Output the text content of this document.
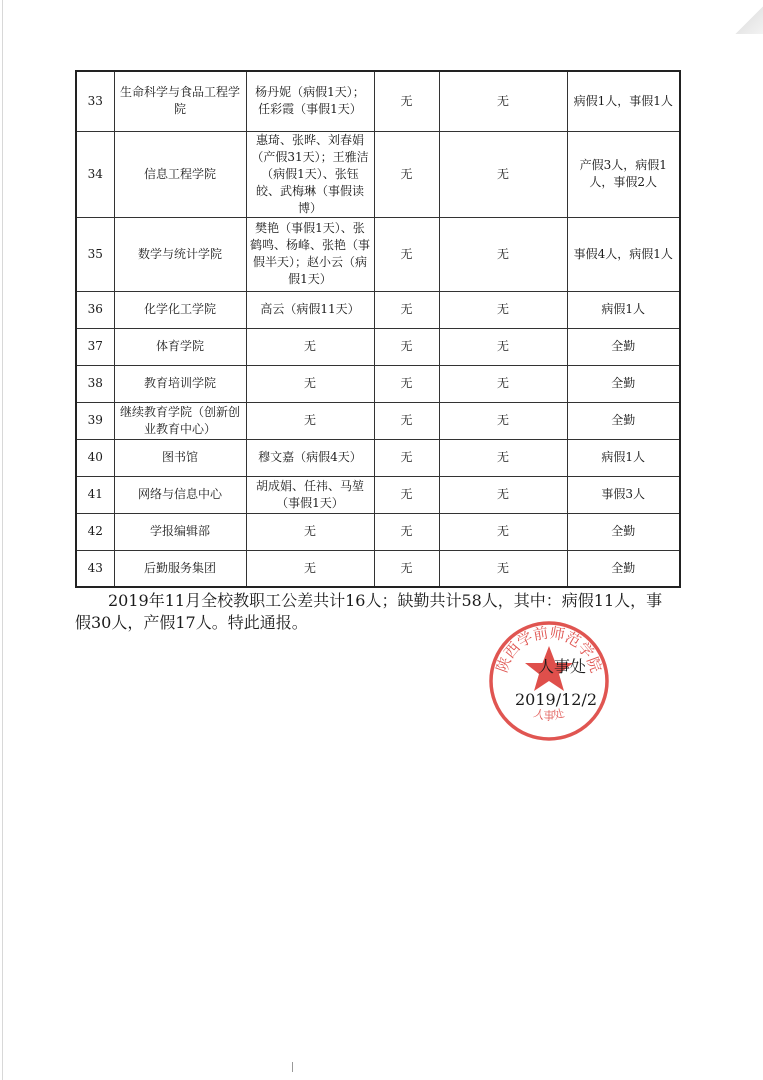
33	生命科学与食品工程学院	杨丹妮（病假1天）；任彩霞（事假1天）	无	无	病假1人，事假1人
34	信息工程学院	惠琦、张晔、刘春娟（产假31天）；王雅洁（病假1天）、张钰皎、武梅琳（事假读博）	无	无	产假3人，病假1人，事假2人
35	数学与统计学院	樊艳（事假1天）、张鹤鸣、杨峰、张艳（事假半天）；赵小云（病假1天）	无	无	事假4人，病假1人
36	化学化工学院	高云（病假11天）	无	无	病假1人
37	体育学院	无	无	无	全勤
38	教育培训学院	无	无	无	全勤
39	继续教育学院（创新创业教育中心）	无	无	无	全勤
40	图书馆	穆文嘉（病假4天）	无	无	病假1人
41	网络与信息中心	胡成娟、任祎、马堃（事假1天）	无	无	事假3人
42	学报编辑部	无	无	无	全勤
43	后勤服务集团	无	无	无	全勤

2019年11月全校教职工公差共计16人；缺勤共计58人，其中：病假11人，事假30人，产假17人。特此通报。

陕西学前师范学院
人事处

人事处

2019/12/2
